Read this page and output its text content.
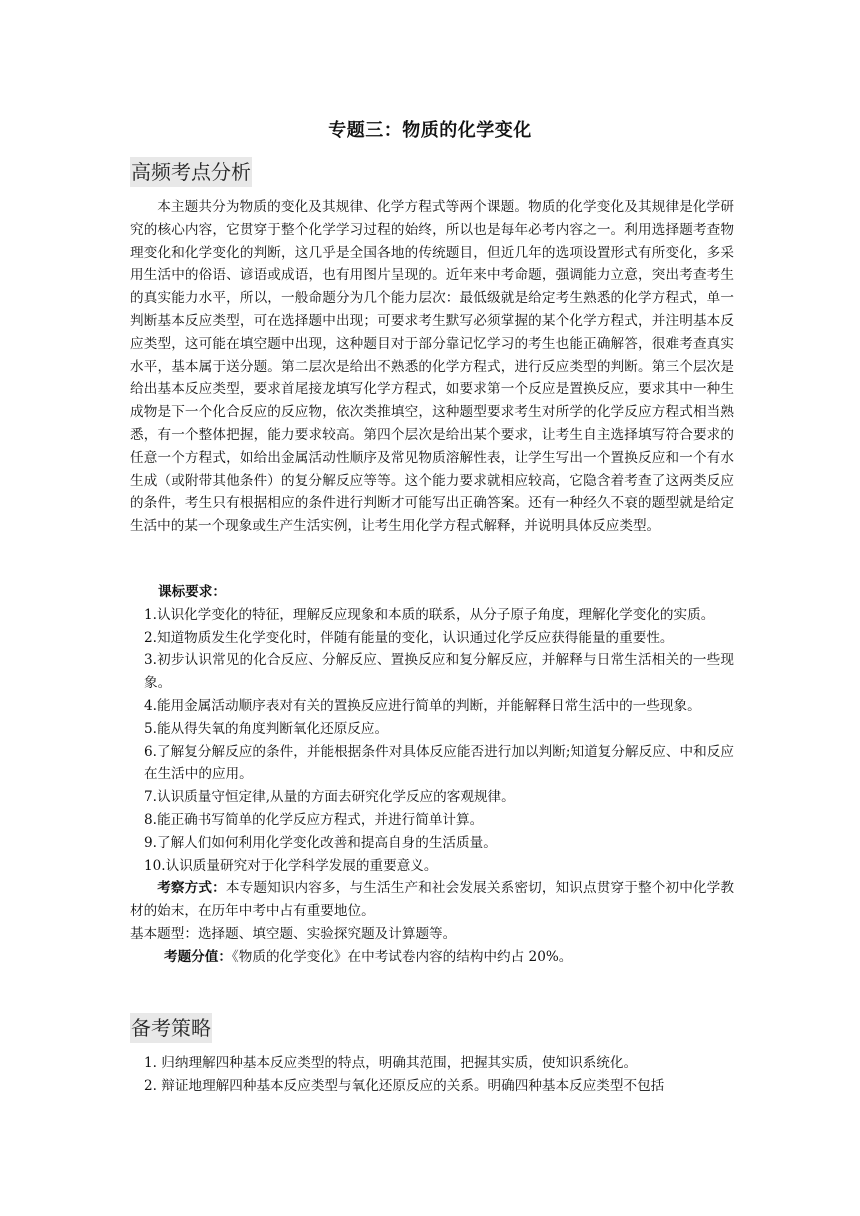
专题三：物质的化学变化
高频考点分析

本主题共分为物质的变化及其规律、化学方程式等两个课题。物质的化学变化及其规律是化学研究的核心内容，它贯穿于整个化学学习过程的始终，所以也是每年必考内容之一。利用选择题考查物理变化和化学变化的判断，这几乎是全国各地的传统题目，但近几年的选项设置形式有所变化，多采用生活中的俗语、谚语或成语，也有用图片呈现的。近年来中考命题，强调能力立意，突出考查考生的真实能力水平，所以，一般命题分为几个能力层次：最低级就是给定考生熟悉的化学方程式，单一判断基本反应类型，可在选择题中出现；可要求考生默写必须掌握的某个化学方程式，并注明基本反应类型，这可能在填空题中出现，这种题目对于部分靠记忆学习的考生也能正确解答，很难考查真实水平，基本属于送分题。第二层次是给出不熟悉的化学方程式，进行反应类型的判断。第三个层次是给出基本反应类型，要求首尾接龙填写化学方程式，如要求第一个反应是置换反应，要求其中一种生成物是下一个化合反应的反应物，依次类推填空，这种题型要求考生对所学的化学反应方程式相当熟悉，有一个整体把握，能力要求较高。第四个层次是给出某个要求，让考生自主选择填写符合要求的任意一个方程式，如给出金属活动性顺序及常见物质溶解性表，让学生写出一个置换反应和一个有水生成（或附带其他条件）的复分解反应等等。这个能力要求就相应较高，它隐含着考查了这两类反应的条件，考生只有根据相应的条件进行判断才可能写出正确答案。还有一种经久不衰的题型就是给定生活中的某一个现象或生产生活实例，让考生用化学方程式解释，并说明具体反应类型。

课标要求：

1.认识化学变化的特征，理解反应现象和本质的联系，从分子原子角度，理解化学变化的实质。

2.知道物质发生化学变化时，伴随有能量的变化，认识通过化学反应获得能量的重要性。

3.初步认识常见的化合反应、分解反应、置换反应和复分解反应，并解释与日常生活相关的一些现象。

4.能用金属活动顺序表对有关的置换反应进行简单的判断，并能解释日常生活中的一些现象。

5.能从得失氧的角度判断氧化还原反应。

6.了解复分解反应的条件，并能根据条件对具体反应能否进行加以判断;知道复分解反应、中和反应在生活中的应用。

7.认识质量守恒定律,从量的方面去研究化学反应的客观规律。

8.能正确书写简单的化学反应方程式，并进行简单计算。

9.了解人们如何利用化学变化改善和提高自身的生活质量。

10.认识质量研究对于化学科学发展的重要意义。

考察方式：本专题知识内容多，与生活生产和社会发展关系密切，知识点贯穿于整个初中化学教材的始末，在历年中考中占有重要地位。

基本题型：选择题、填空题、实验探究题及计算题等。

考题分值：《物质的化学变化》在中考试卷内容的结构中约占 20%。

备考策略

1. 归纳理解四种基本反应类型的特点，明确其范围，把握其实质，使知识系统化。

2. 辩证地理解四种基本反应类型与氧化还原反应的关系。明确四种基本反应类型不包括
